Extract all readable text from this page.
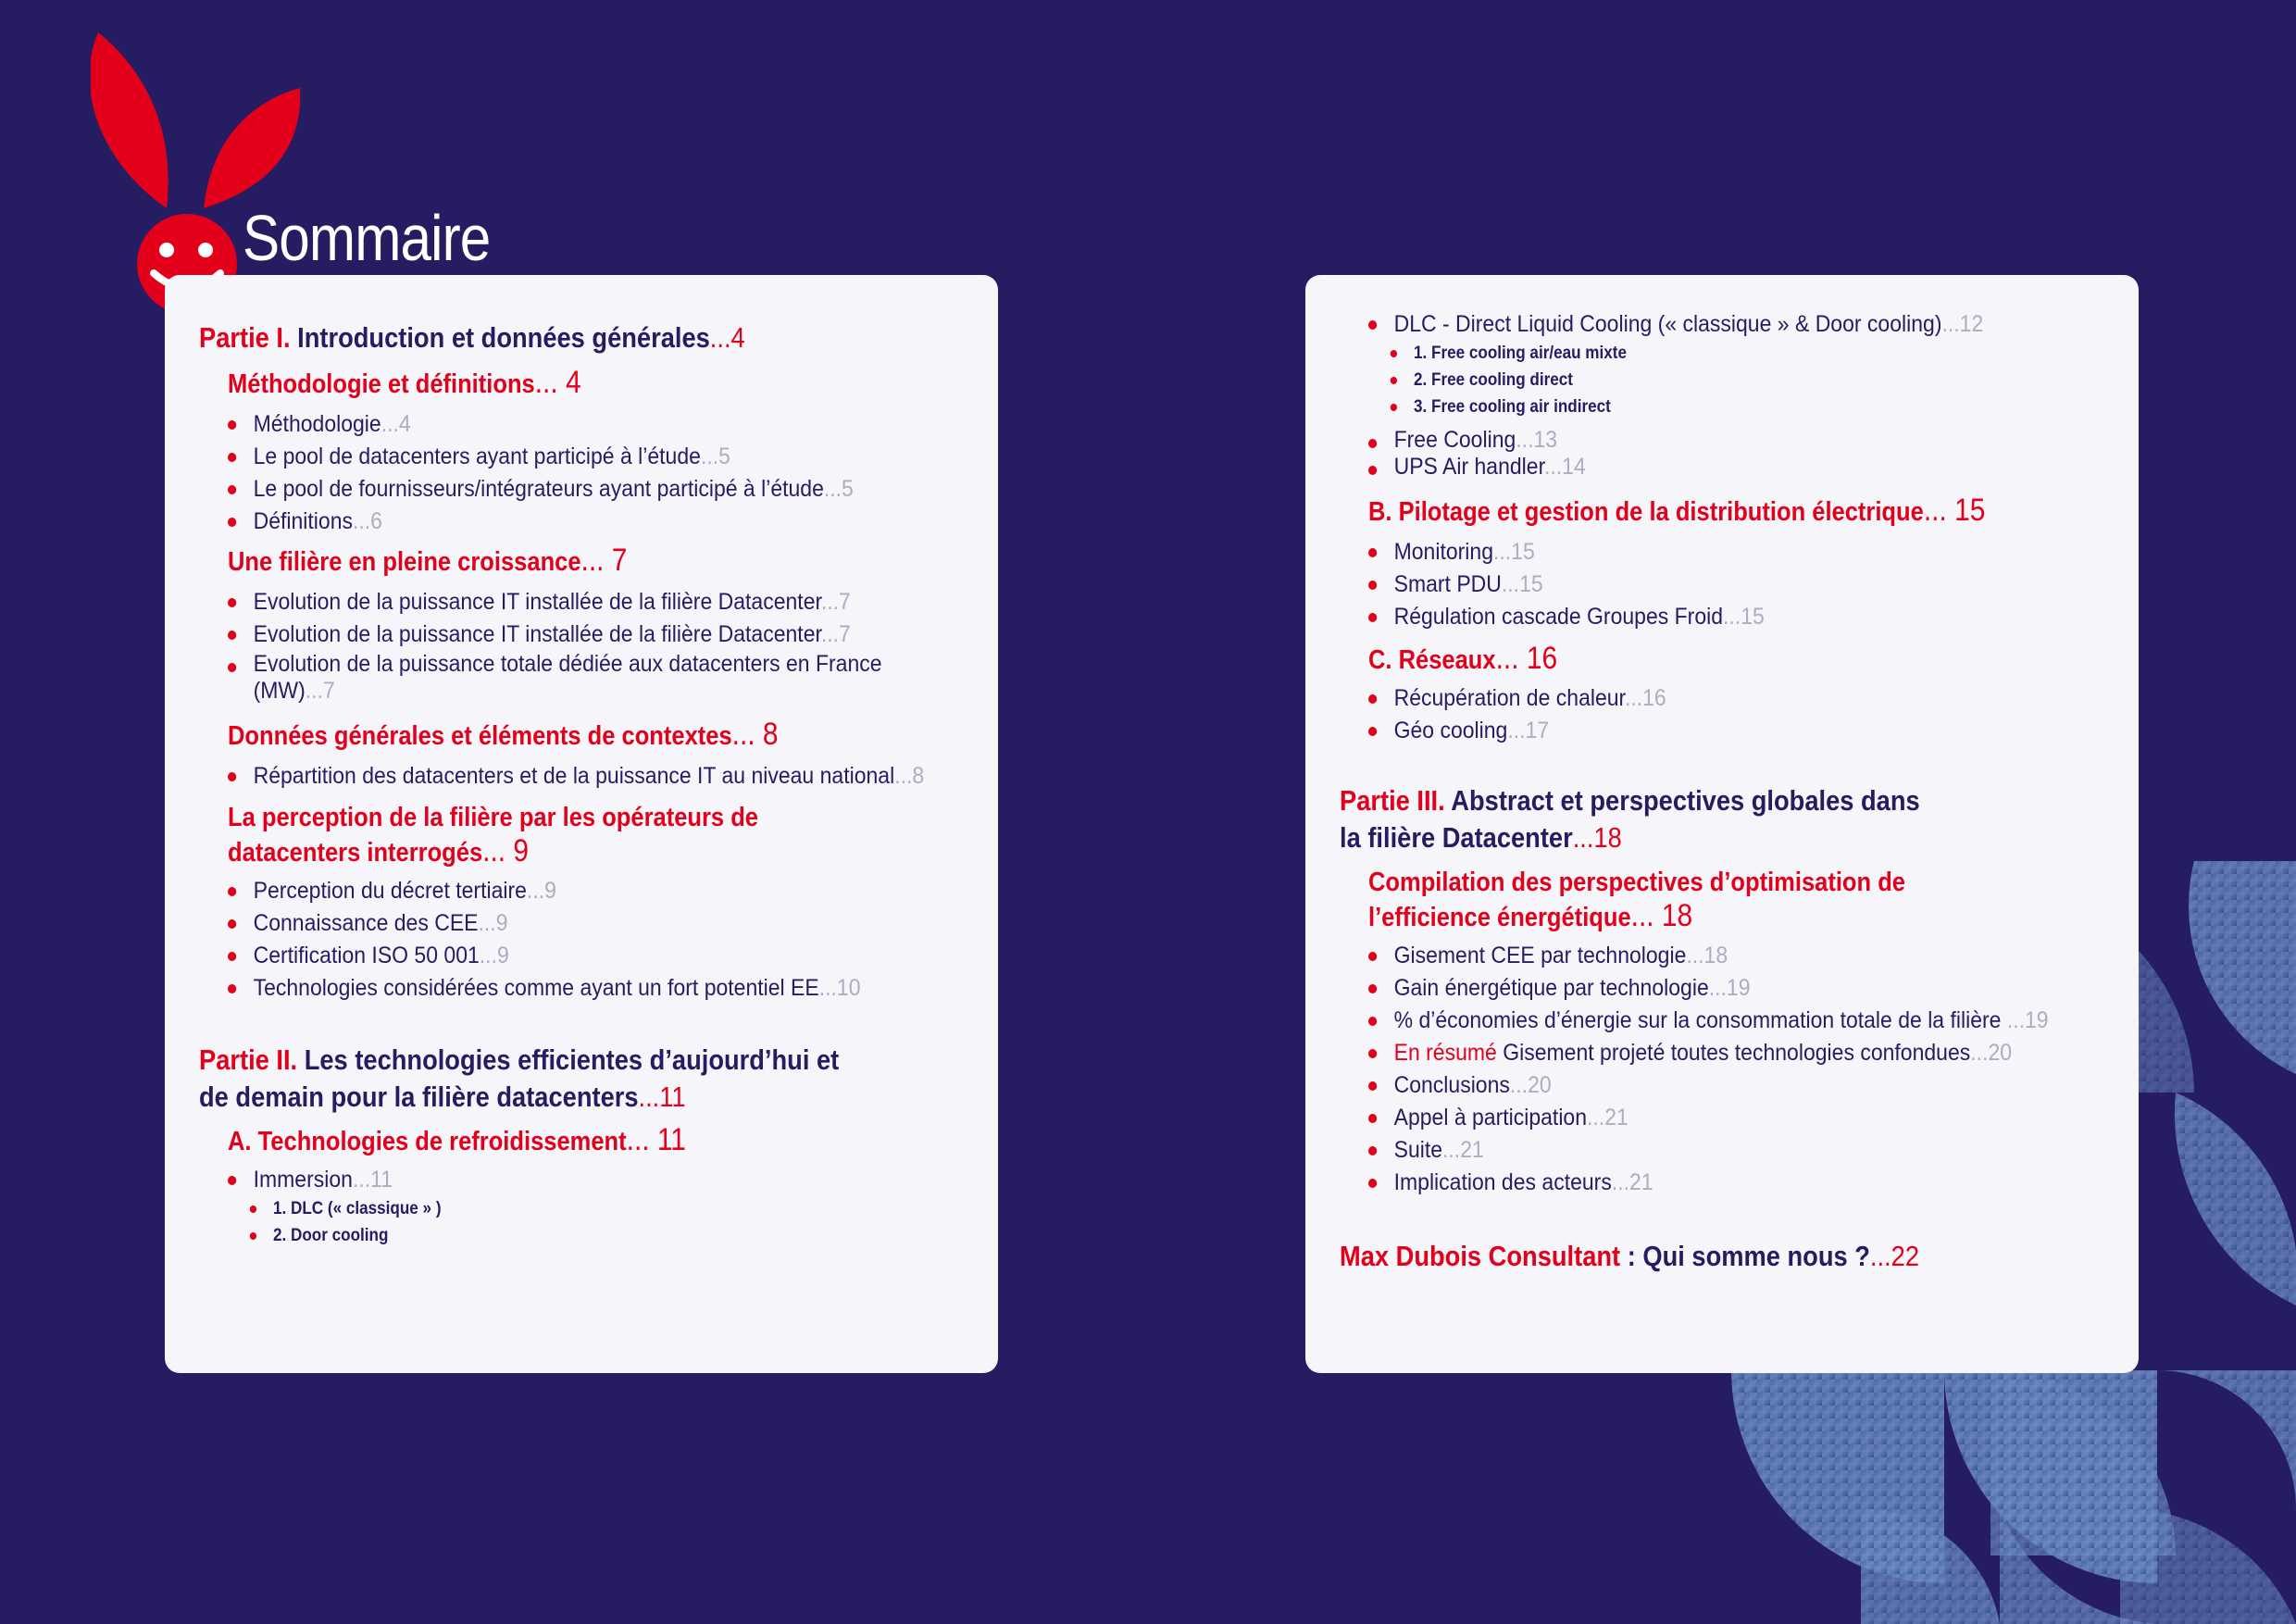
Sommaire
Partie I. Introduction et données générales...4
Méthodologie et définitions... 4
Méthodologie...4
Le pool de datacenters ayant participé à l’étude...5
Le pool de fournisseurs/intégrateurs ayant participé à l’étude...5
Définitions...6
Une filière en pleine croissance... 7
Evolution de la puissance IT installée de la filière Datacenter...7
Evolution de la puissance IT installée de la filière Datacenter...7
Evolution de la puissance totale dédiée aux datacenters en France (MW)...7
Données générales et éléments de contextes... 8
Répartition des datacenters et de la puissance IT au niveau national...8
La perception de la filière par les opérateurs de datacenters interrogés... 9
Perception du décret tertiaire...9
Connaissance des CEE...9
Certification ISO 50 001...9
Technologies considérées comme ayant un fort potentiel EE...10
Partie II. Les technologies efficientes d’aujourd’hui et de demain pour la filière datacenters...11
A. Technologies de refroidissement... 11
Immersion...11
1. DLC (« classique » )
2. Door cooling
DLC - Direct Liquid Cooling (« classique » & Door cooling)...12
1. Free cooling air/eau mixte
2. Free cooling direct
3. Free cooling air indirect
Free Cooling...13
UPS Air handler...14
B. Pilotage et gestion de la distribution électrique... 15
Monitoring...15
Smart PDU...15
Régulation cascade Groupes Froid...15
C. Réseaux... 16
Récupération de chaleur...16
Géo cooling...17
Partie III. Abstract et perspectives globales dans la filière Datacenter...18
Compilation des perspectives d’optimisation de l’efficience énergétique... 18
Gisement CEE par technologie...18
Gain énergétique par technologie...19
% d’économies d’énergie sur la consommation totale de la filière ...19
En résumé Gisement projeté toutes technologies confondues...20
Conclusions...20
Appel à participation...21
Suite...21
Implication des acteurs...21
Max Dubois Consultant : Qui somme nous ?...22
